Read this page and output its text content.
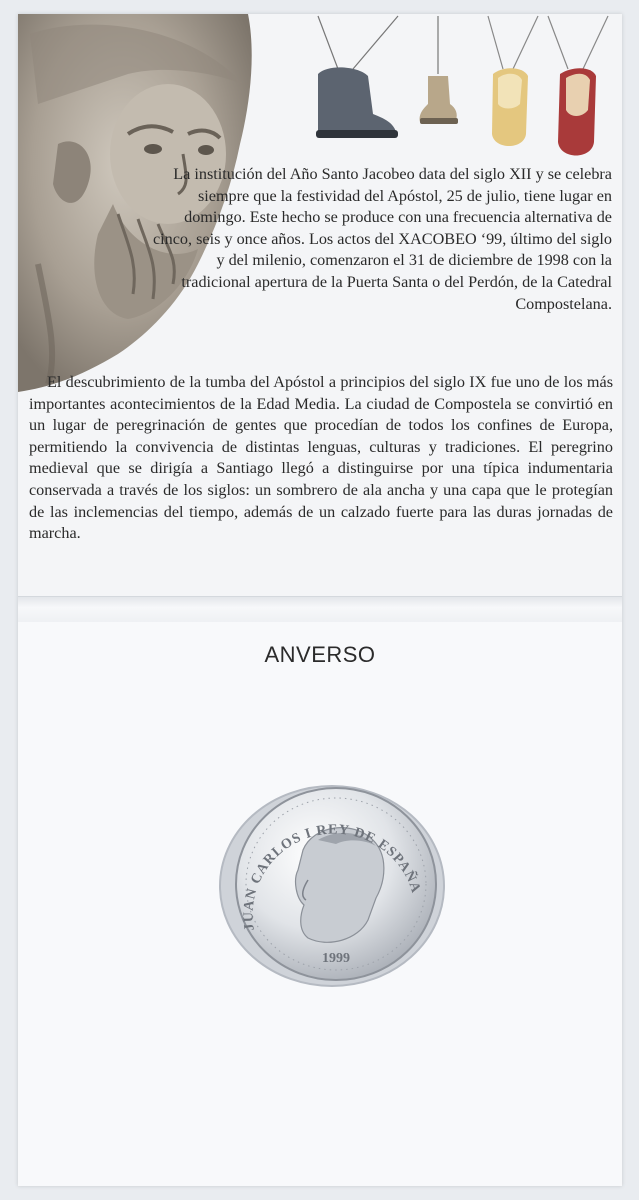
La institución del Año Santo Jacobeo data del siglo XII y se celebra siempre que la festividad del Apóstol, 25 de julio, tiene lugar en domingo. Este hecho se produce con una frecuencia alternativa de cinco, seis y once años. Los actos del XACOBEO ‘99, último del siglo y del milenio, comenzaron el 31 de diciembre de 1998 con la tradicional apertura de la Puerta Santa o del Perdón, de la Catedral Compostelana.

El descubrimiento de la tumba del Apóstol a principios del siglo IX fue uno de los más importantes acontecimientos de la Edad Media. La ciudad de Compostela se convirtió en un lugar de peregrinación de gentes que procedían de todos los confines de Europa, permitiendo la convivencia de distintas lenguas, culturas y tradiciones. El peregrino medieval que se dirigía a Santiago llegó a distinguirse por una típica indumentaria conservada a través de los siglos: un sombrero de ala ancha y una capa que le protegían de las inclemencias del tiempo, además de un calzado fuerte para las duras jornadas de marcha.

ANVERSO

JUAN CARLOS I REY DE ESPAÑA
1999
